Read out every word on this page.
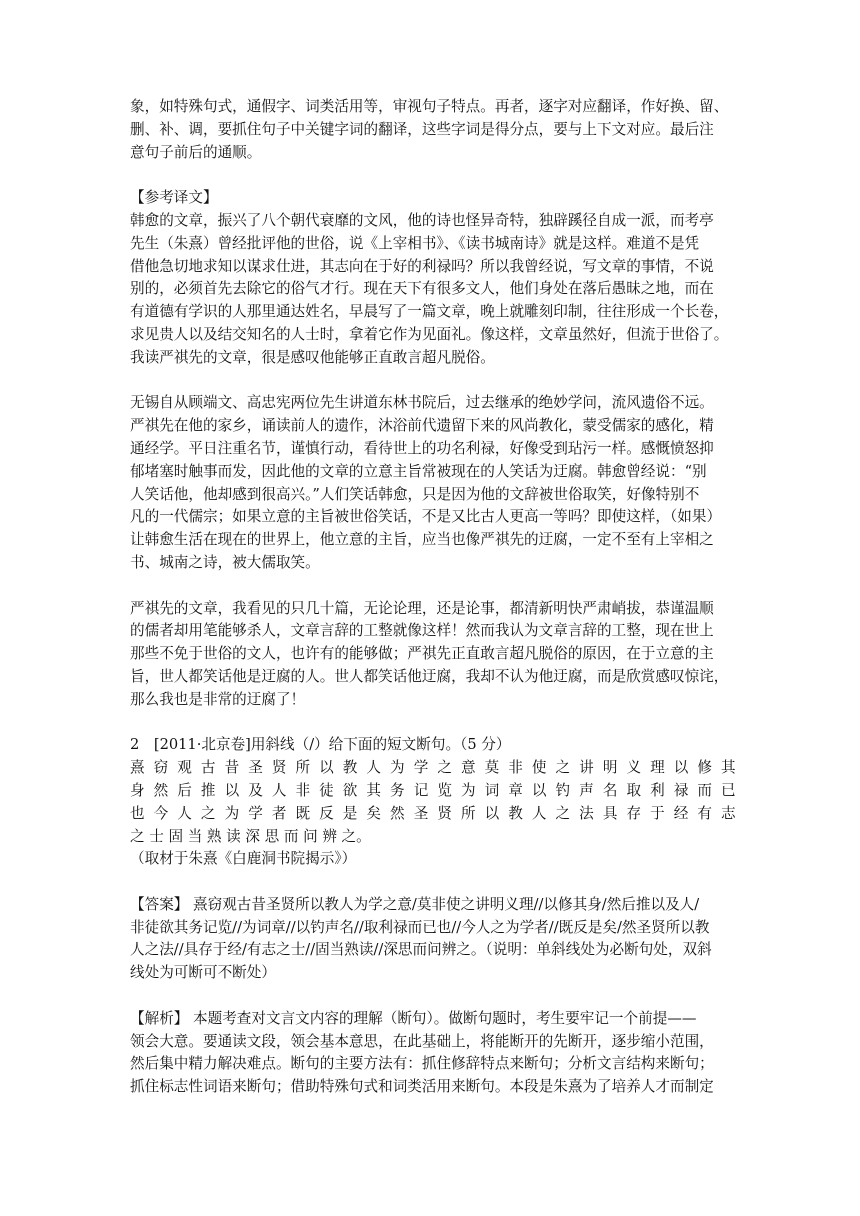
象，如特殊句式，通假字、词类活用等，审视句子特点。再者，逐字对应翻译，作好换、留、
删、补、调，要抓住句子中关键字词的翻译，这些字词是得分点，要与上下文对应。最后注
意句子前后的通顺。

【参考译文】

韩愈的文章，振兴了八个朝代衰靡的文风，他的诗也怪异奇特，独辟蹊径自成一派，而考亭
先生（朱熹）曾经批评他的世俗，说《上宰相书》、《读书城南诗》就是这样。难道不是凭
借他急切地求知以谋求仕进，其志向在于好的利禄吗？所以我曾经说，写文章的事情，不说
别的，必须首先去除它的俗气才行。现在天下有很多文人，他们身处在落后愚昧之地，而在
有道德有学识的人那里通达姓名，早晨写了一篇文章，晚上就雕刻印制，往往形成一个长卷，
求见贵人以及结交知名的人士时，拿着它作为见面礼。像这样，文章虽然好，但流于世俗了。
我读严祺先的文章，很是感叹他能够正直敢言超凡脱俗。

无锡自从顾端文、高忠宪两位先生讲道东林书院后，过去继承的绝妙学问，流风遗俗不远。
严祺先在他的家乡，诵读前人的遗作，沐浴前代遗留下来的风尚教化，蒙受儒家的感化，精
通经学。平日注重名节，谨慎行动，看待世上的功名利禄，好像受到玷污一样。感慨愤怒抑
郁堵塞时触事而发，因此他的文章的立意主旨常被现在的人笑话为迂腐。韩愈曾经说：“别
人笑话他，他却感到很高兴。”人们笑话韩愈，只是因为他的文辞被世俗取笑，好像特别不
凡的一代儒宗；如果立意的主旨被世俗笑话，不是又比古人更高一等吗？即使这样，（如果）
让韩愈生活在现在的世界上，他立意的主旨，应当也像严祺先的迂腐，一定不至有上宰相之
书、城南之诗，被大儒取笑。

严祺先的文章，我看见的只几十篇，无论论理，还是论事，都清新明快严肃峭拔，恭谨温顺
的儒者却用笔能够杀人，文章言辞的工整就像这样！然而我认为文章言辞的工整，现在世上
那些不免于世俗的文人，也许有的能够做；严祺先正直敢言超凡脱俗的原因，在于立意的主
旨，世人都笑话他是迂腐的人。世人都笑话他迂腐，我却不认为他迂腐，而是欣赏感叹惊诧，
那么我也是非常的迂腐了！

2　[2011·北京卷]用斜线（/）给下面的短文断句。（5 分）
熹 窃 观 古 昔 圣 贤 所 以 教 人 为 学 之 意 莫 非 使 之 讲 明 义 理 以 修 其
身 然 后 推 以 及 人 非 徒 欲 其 务 记 览 为 词 章 以 钓 声 名 取 利 禄 而 已
也 今 人 之 为 学 者 既 反 是 矣 然 圣 贤 所 以 教 人 之 法 具 存 于 经 有 志
之 士 固 当 熟 读 深 思 而 问 辨 之。
（取材于朱熹《白鹿洞书院揭示》）

【答案】 熹窃观古昔圣贤所以教人为学之意/莫非使之讲明义理//以修其身/然后推以及人/
非徒欲其务记览//为词章//以钓声名//取利禄而已也//今人之为学者//既反是矣/然圣贤所以教
人之法//具存于经/有志之士//固当熟读//深思而问辨之。（说明：单斜线处为必断句处，双斜
线处为可断可不断处）

【解析】 本题考查对文言文内容的理解（断句）。做断句题时，考生要牢记一个前提——
领会大意。要通读文段，领会基本意思，在此基础上，将能断开的先断开，逐步缩小范围，
然后集中精力解决难点。断句的主要方法有：抓住修辞特点来断句；分析文言结构来断句；
抓住标志性词语来断句；借助特殊句式和词类活用来断句。本段是朱熹为了培养人才而制定
